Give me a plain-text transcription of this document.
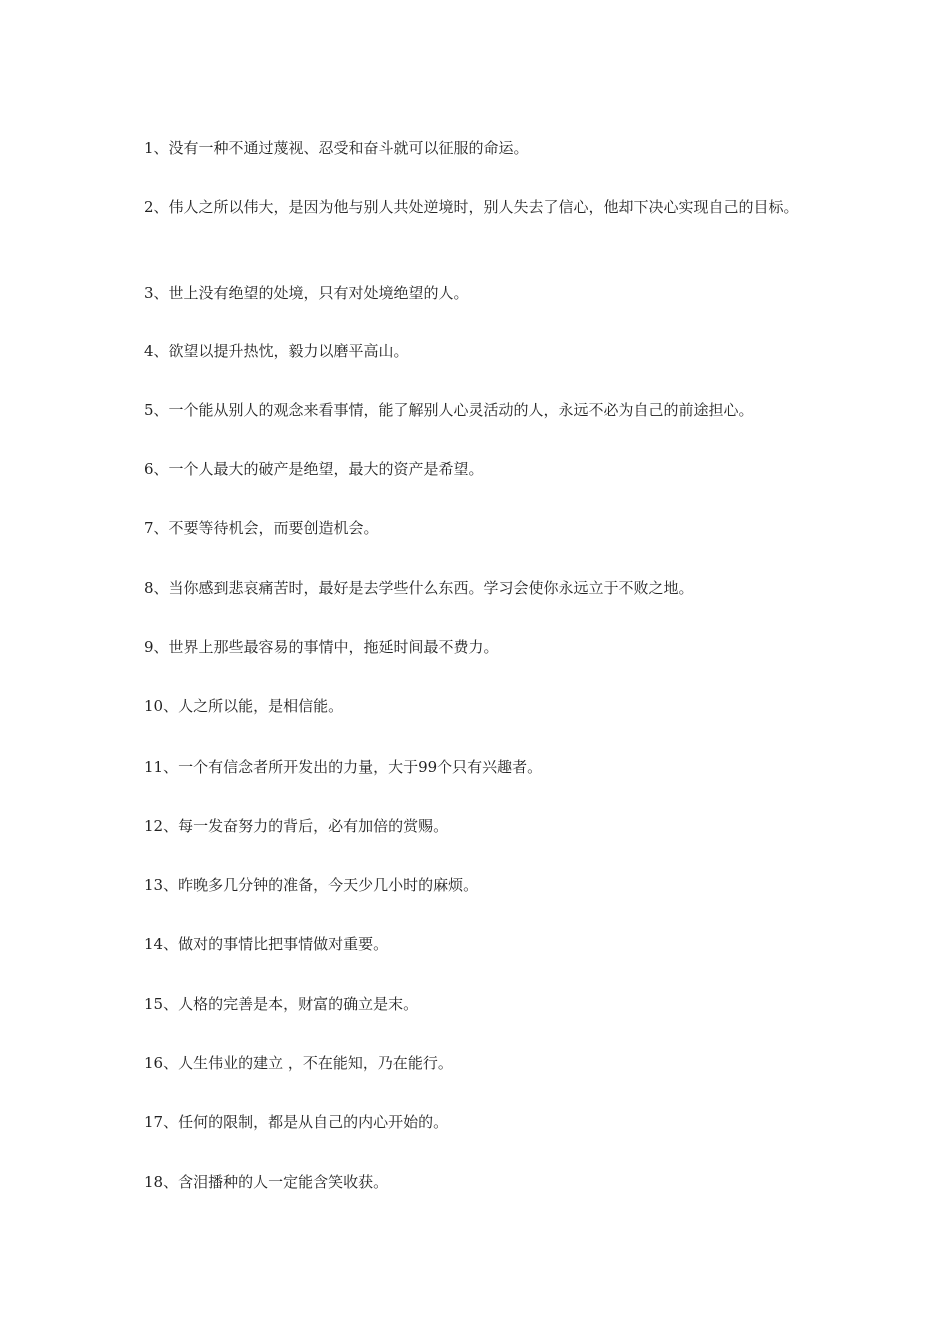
1、没有一种不通过蔑视、忍受和奋斗就可以征服的命运。

2、伟人之所以伟大，是因为他与别人共处逆境时，别人失去了信心，他却下决心实现自己的目标。

3、世上没有绝望的处境，只有对处境绝望的人。

4、欲望以提升热忱，毅力以磨平高山。

5、一个能从别人的观念来看事情，能了解别人心灵活动的人，永远不必为自己的前途担心。

6、一个人最大的破产是绝望，最大的资产是希望。

7、不要等待机会，而要创造机会。

8、当你感到悲哀痛苦时，最好是去学些什么东西。学习会使你永远立于不败之地。

9、世界上那些最容易的事情中，拖延时间最不费力。

10、人之所以能，是相信能。

11、一个有信念者所开发出的力量，大于99个只有兴趣者。

12、每一发奋努力的背后，必有加倍的赏赐。

13、昨晚多几分钟的准备，今天少几小时的麻烦。

14、做对的事情比把事情做对重要。

15、人格的完善是本，财富的确立是末。

16、人生伟业的建立 ，不在能知，乃在能行。

17、任何的限制，都是从自己的内心开始的。

18、含泪播种的人一定能含笑收获。
